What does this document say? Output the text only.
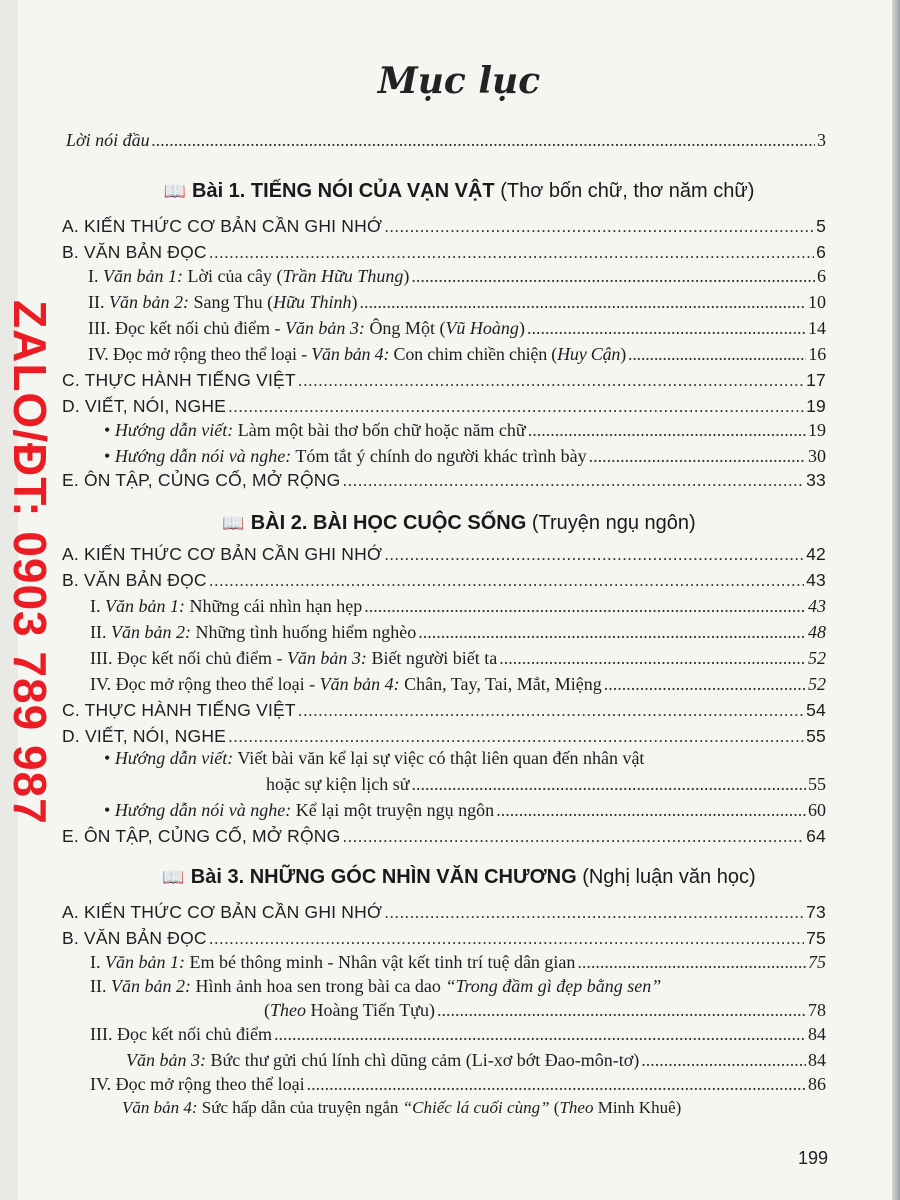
Mục lục
Lời nói đầu .....	3
📖 Bài 1. TIẾNG NÓI CỦA VẠN VẬT (Thơ bốn chữ, thơ năm chữ)
A. KIẾN THỨC CƠ BẢN CẦN GHI NHỚ .....	5
B. VĂN BẢN ĐỌC .....	6
I. Văn bản 1: Lời của cây (Trần Hữu Thung) .....	6
II. Văn bản 2: Sang Thu (Hữu Thỉnh) .....	10
III. Đọc kết nối chủ điểm - Văn bản 3: Ông Một (Vũ Hoàng) .....	14
IV. Đọc mở rộng theo thể loại - Văn bản 4: Con chim chiền chiện (Huy Cận) .....	16
C. THỰC HÀNH TIẾNG VIỆT .....	17
D. VIẾT, NÓI, NGHE .....	19
• Hướng dẫn viết: Làm một bài thơ bốn chữ hoặc năm chữ .....	19
• Hướng dẫn nói và nghe: Tóm tắt ý chính do người khác trình bày .....	30
E. ÔN TẬP, CỦNG CỐ, MỞ RỘNG .....	33
📖 BÀI 2. BÀI HỌC CUỘC SỐNG (Truyện ngụ ngôn)
A. KIẾN THỨC CƠ BẢN CẦN GHI NHỚ .....	42
B. VĂN BẢN ĐỌC .....	43
I. Văn bản 1: Những cái nhìn hạn hẹp .....	43
II. Văn bản 2: Những tình huống hiểm nghèo .....	48
III. Đọc kết nối chủ điểm - Văn bản 3: Biết người biết ta .....	52
IV. Đọc mở rộng theo thể loại - Văn bản 4: Chân, Tay, Tai, Mắt, Miệng .....	52
C. THỰC HÀNH TIẾNG VIỆT .....	54
D. VIẾT, NÓI, NGHE .....	55
• Hướng dẫn viết: Viết bài văn kể lại sự việc có thật liên quan đến nhân vật
hoặc sự kiện lịch sử .....	55
• Hướng dẫn nói và nghe: Kể lại một truyện ngụ ngôn .....	60
E. ÔN TẬP, CỦNG CỐ, MỞ RỘNG .....	64
📖 Bài 3. NHỮNG GÓC NHÌN VĂN CHƯƠNG (Nghị luận văn học)
A. KIẾN THỨC CƠ BẢN CẦN GHI NHỚ .....	73
B. VĂN BẢN ĐỌC .....	75
I. Văn bản 1: Em bé thông minh - Nhân vật kết tinh trí tuệ dân gian .....	75
II. Văn bản 2: Hình ảnh hoa sen trong bài ca dao “Trong đầm gì đẹp bằng sen”
(Theo Hoàng Tiến Tựu) .....	78
III. Đọc kết nối chủ điểm .....	84
Văn bản 3: Bức thư gửi chú lính chì dũng cảm (Li-xơ bớt Đao-môn-tơ) .....	84
IV. Đọc mở rộng theo thể loại .....	86
Văn bản 4: Sức hấp dẫn của truyện ngắn “Chiếc lá cuối cùng” (Theo Minh Khuê)
199
ZALO/ĐT: 0903 789 987
